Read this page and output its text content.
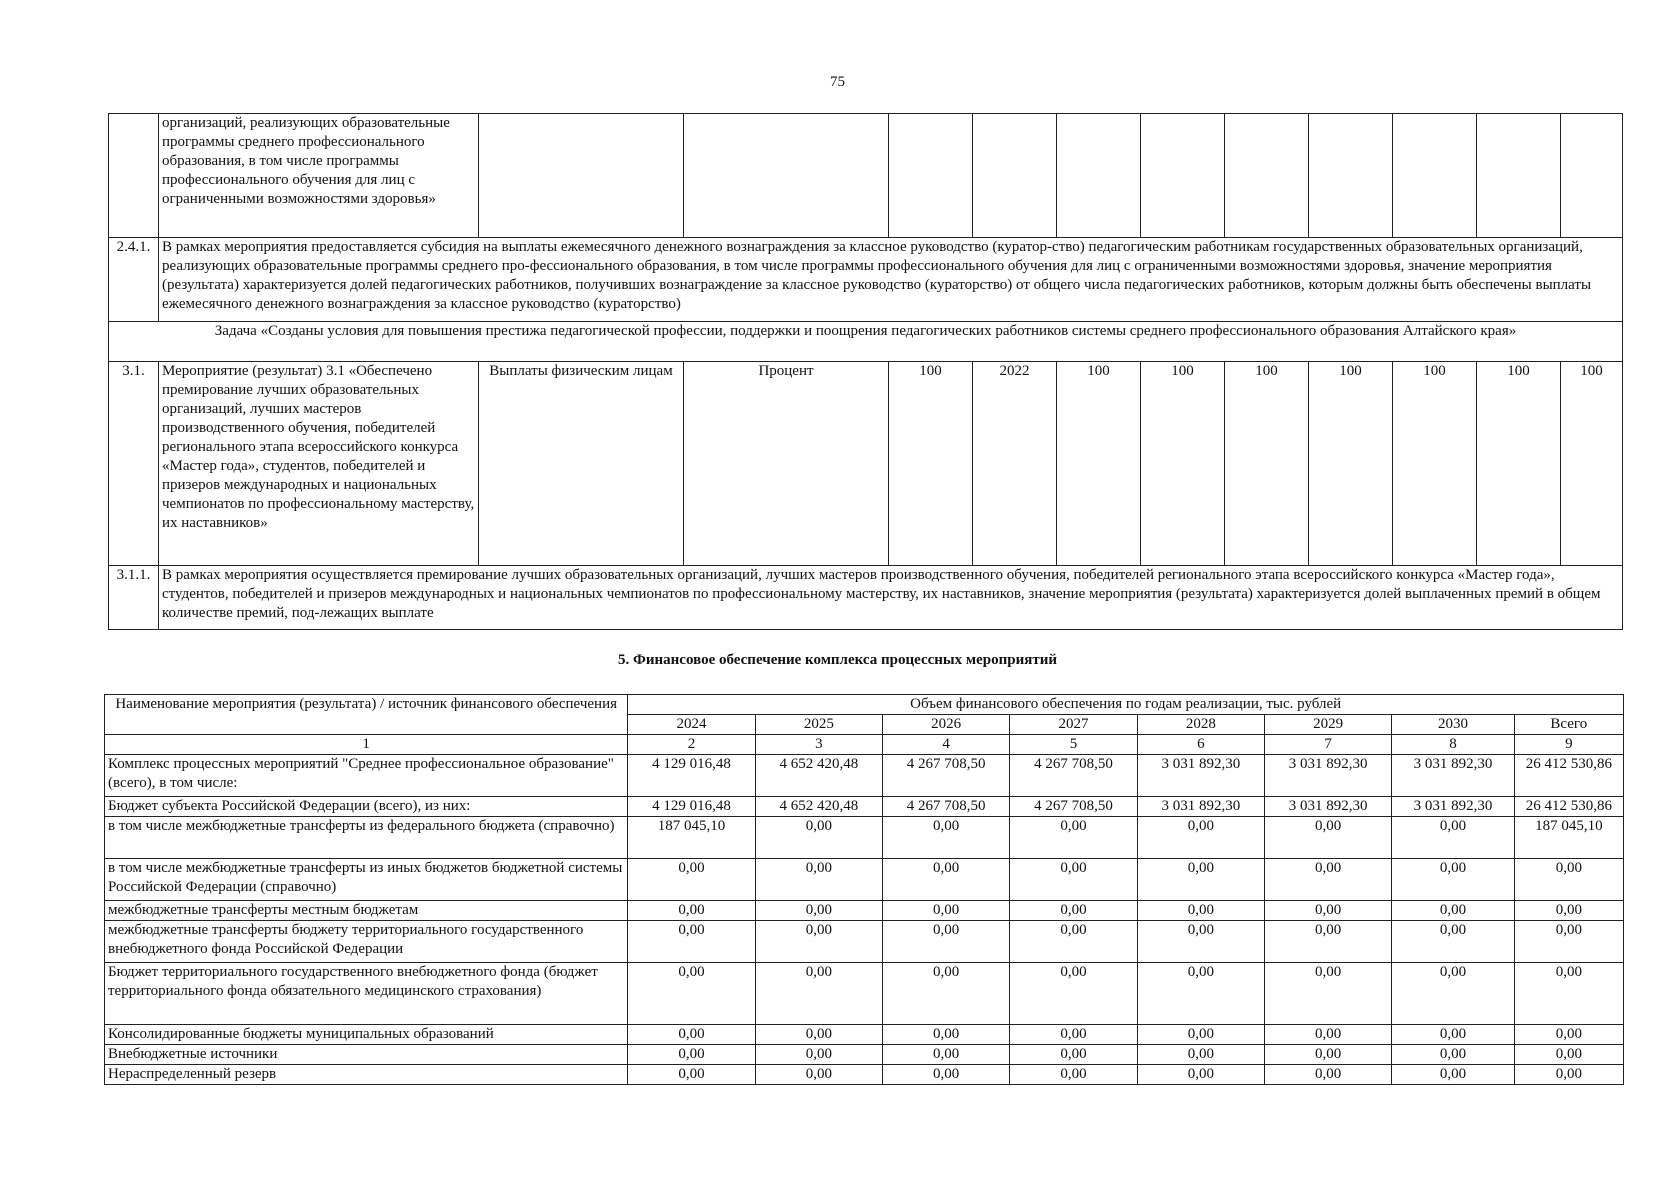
75
	организаций, реализующих образовательные программы среднего профессионального образования, в том числе программы профессионального обучения для лиц с ограниченными возможностями здоровья»											
2.4.1.	В рамках мероприятия предоставляется субсидия на выплаты ежемесячного денежного вознаграждения за классное руководство (куратор-ство) педагогическим работникам государственных образовательных организаций, реализующих образовательные программы среднего про-фессионального образования, в том числе программы профессионального обучения для лиц с ограниченными возможностями здоровья, значение мероприятия (результата) характеризуется долей педагогических работников, получивших вознаграждение за классное руководство (кураторство) от общего числа педагогических работников, которым должны быть обеспечены выплаты ежемесячного денежного вознаграждения за классное руководство (кураторство)											
Задача «Созданы условия для повышения престижа педагогической профессии, поддержки и поощрения педагогических работников системы среднего профессионального образования Алтайского края»												
3.1.	Мероприятие (результат) 3.1 «Обеспечено премирование лучших образовательных организаций, лучших мастеров производственного обучения, победителей регионального этапа всероссийского конкурса «Мастер года», студентов, победителей и призеров международных и национальных чемпионатов по профессиональному мастерству, их наставников»	Выплаты физическим лицам	Процент	100	2022	100	100	100	100	100	100	100
3.1.1.	В рамках мероприятия осуществляется премирование лучших образовательных организаций, лучших мастеров производственного обучения, победителей регионального этапа всероссийского конкурса «Мастер года», студентов, победителей и призеров международных и национальных чемпионатов по профессиональному мастерству, их наставников, значение мероприятия (результата) характеризуется долей выплаченных премий в общем количестве премий, под-лежащих выплате											
5. Финансовое обеспечение комплекса процессных мероприятий
Наименование мероприятия (результата) / источник финансового обеспечения	Объем финансового обеспечения по годам реализации, тыс. рублей							
	2024	2025	2026	2027	2028	2029	2030	Всего
1	2	3	4	5	6	7	8	9
Комплекс процессных мероприятий "Среднее профессиональное образование" (всего), в том числе:	4 129 016,48	4 652 420,48	4 267 708,50	4 267 708,50	3 031 892,30	3 031 892,30	3 031 892,30	26 412 530,86
Бюджет субъекта Российской Федерации (всего), из них:	4 129 016,48	4 652 420,48	4 267 708,50	4 267 708,50	3 031 892,30	3 031 892,30	3 031 892,30	26 412 530,86
в том числе межбюджетные трансферты из федерального бюджета (справочно)	187 045,10	0,00	0,00	0,00	0,00	0,00	0,00	187 045,10
в том числе межбюджетные трансферты из иных бюджетов бюджетной системы Российской Федерации (справочно)	0,00	0,00	0,00	0,00	0,00	0,00	0,00	0,00
межбюджетные трансферты местным бюджетам	0,00	0,00	0,00	0,00	0,00	0,00	0,00	0,00
межбюджетные трансферты бюджету территориального государственного внебюджетного фонда Российской Федерации	0,00	0,00	0,00	0,00	0,00	0,00	0,00	0,00
Бюджет территориального государственного внебюджетного фонда (бюджет территориального фонда обязательного медицинского страхования)	0,00	0,00	0,00	0,00	0,00	0,00	0,00	0,00
Консолидированные бюджеты муниципальных образований	0,00	0,00	0,00	0,00	0,00	0,00	0,00	0,00
Внебюджетные источники	0,00	0,00	0,00	0,00	0,00	0,00	0,00	0,00
Нераспределенный резерв	0,00	0,00	0,00	0,00	0,00	0,00	0,00	0,00
